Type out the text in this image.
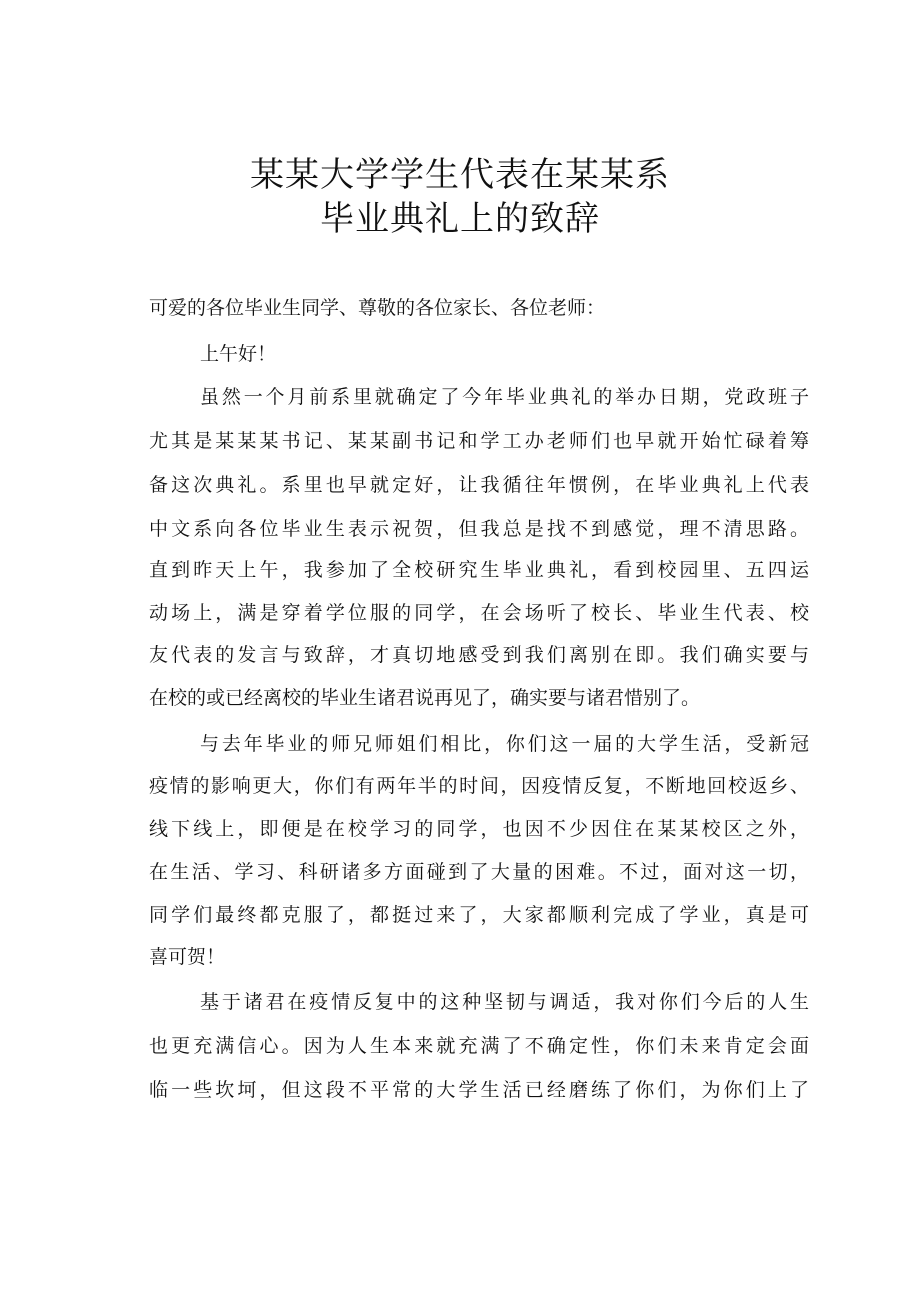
某某大学学生代表在某某系
毕业典礼上的致辞
可爱的各位毕业生同学、尊敬的各位家长、各位老师：
上午好！
虽然一个月前系里就确定了今年毕业典礼的举办日期，党政班子
尤其是某某某书记、某某副书记和学工办老师们也早就开始忙碌着筹
备这次典礼。系里也早就定好，让我循往年惯例，在毕业典礼上代表
中文系向各位毕业生表示祝贺，但我总是找不到感觉，理不清思路。
直到昨天上午，我参加了全校研究生毕业典礼，看到校园里、五四运
动场上，满是穿着学位服的同学，在会场听了校长、毕业生代表、校
友代表的发言与致辞，才真切地感受到我们离别在即。我们确实要与
在校的或已经离校的毕业生诸君说再见了，确实要与诸君惜别了。
与去年毕业的师兄师姐们相比，你们这一届的大学生活，受新冠
疫情的影响更大，你们有两年半的时间，因疫情反复，不断地回校返乡、
线下线上，即便是在校学习的同学，也因不少因住在某某校区之外，
在生活、学习、科研诸多方面碰到了大量的困难。不过，面对这一切，
同学们最终都克服了，都挺过来了，大家都顺利完成了学业，真是可
喜可贺！
基于诸君在疫情反复中的这种坚韧与调适，我对你们今后的人生
也更充满信心。因为人生本来就充满了不确定性，你们未来肯定会面
临一些坎坷，但这段不平常的大学生活已经磨练了你们，为你们上了
